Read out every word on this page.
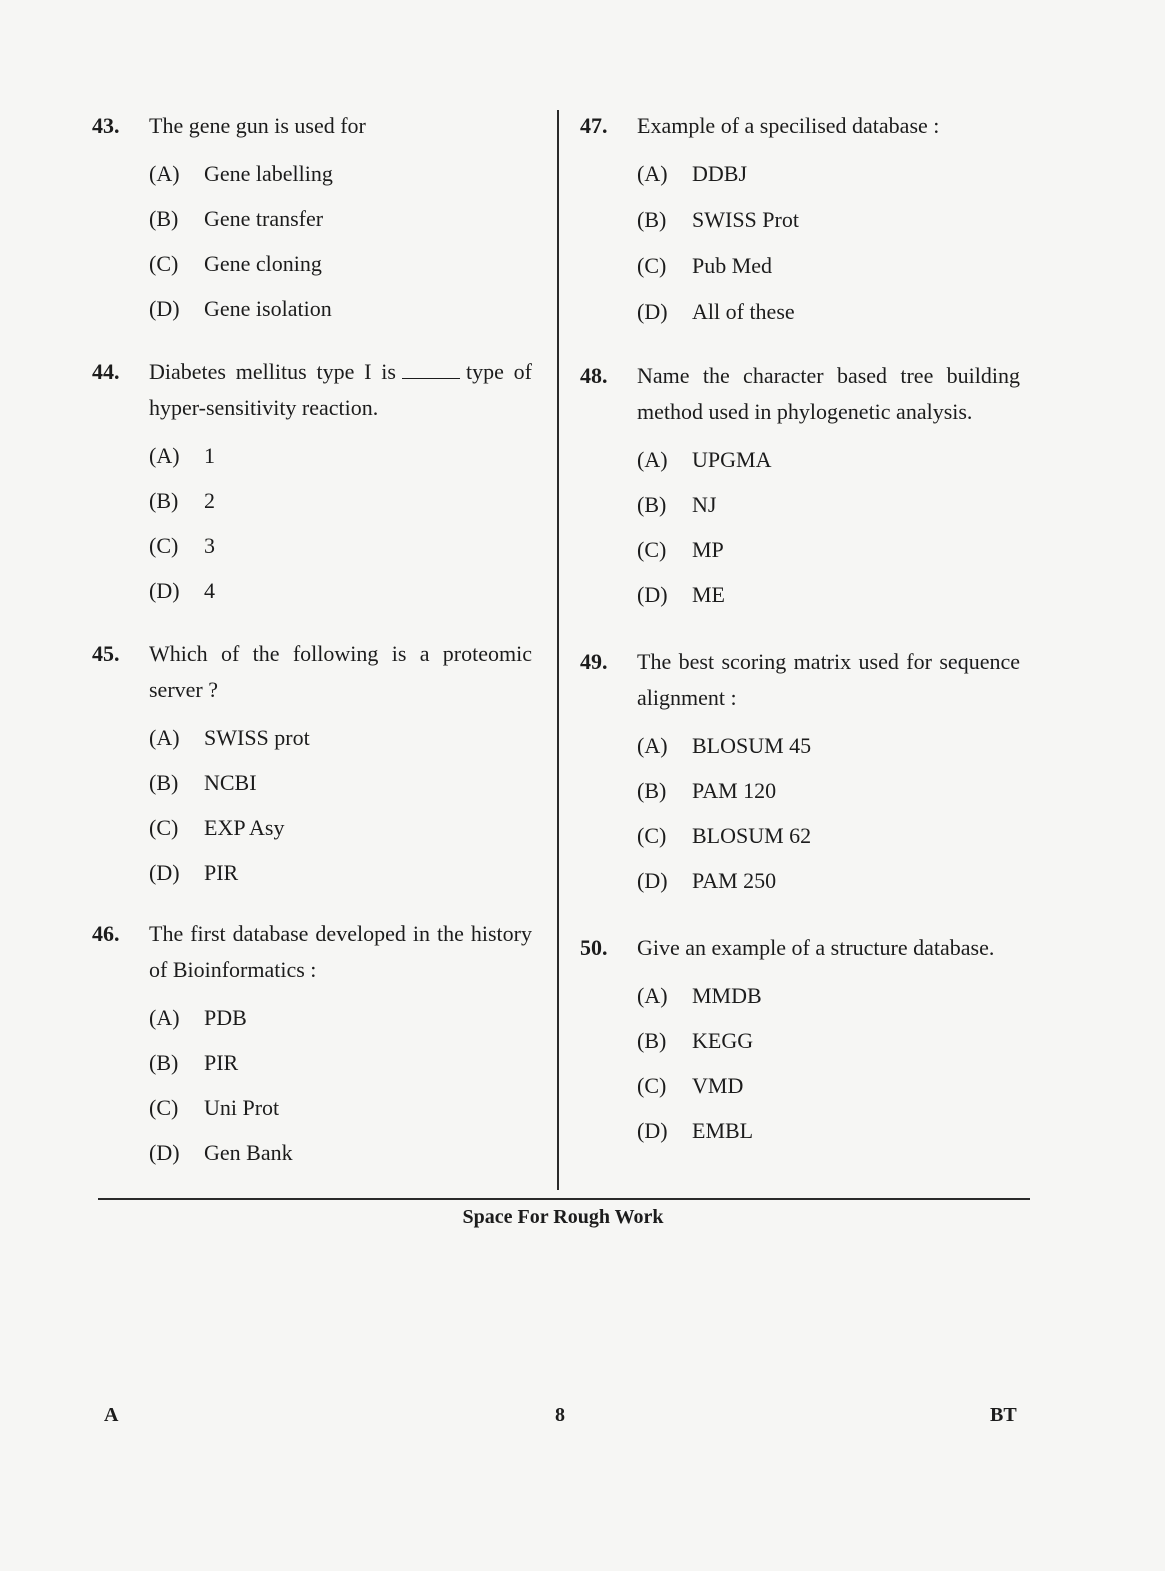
43.	The gene gun is used for
(A)	Gene labelling
(B)	Gene transfer
(C)	Gene cloning
(D)	Gene isolation
44.	Diabetes mellitus type I is	type of hyper-sensitivity reaction.
(A)	1
(B)	2
(C)	3
(D)	4
45.	Which of the following is a proteomic server ?
(A)	SWISS prot
(B)	NCBI
(C)	EXP Asy
(D)	PIR
46.	The first database developed in the history of Bioinformatics :
(A)	PDB
(B)	PIR
(C)	Uni Prot
(D)	Gen Bank
47.	Example of a specilised database :
(A)	DDBJ
(B)	SWISS Prot
(C)	Pub Med
(D)	All of these
48.	Name the character based tree building method used in phylogenetic analysis.
(A)	UPGMA
(B)	NJ
(C)	MP
(D)	ME
49.	The best scoring matrix used for sequence alignment :
(A)	BLOSUM 45
(B)	PAM 120
(C)	BLOSUM 62
(D)	PAM 250
50.	Give an example of a structure database.
(A)	MMDB
(B)	KEGG
(C)	VMD
(D)	EMBL
Space For Rough Work
A	8	BT
